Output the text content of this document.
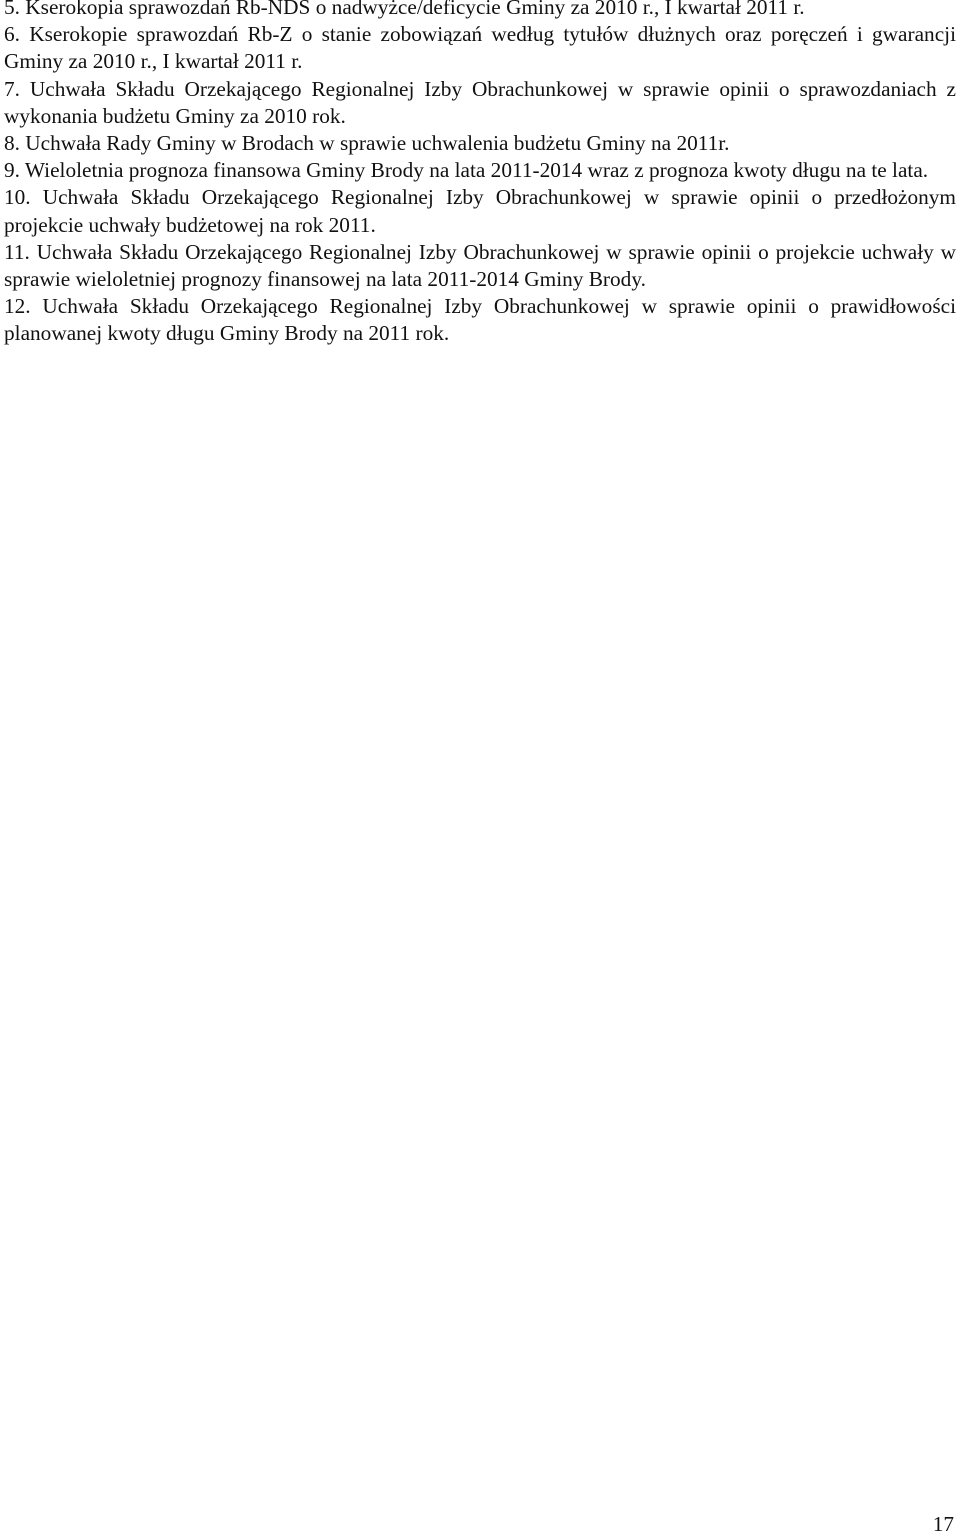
5. Kserokopia sprawozdań Rb-NDS o nadwyżce/deficycie Gminy za 2010 r., I kwartał 2011 r.

6. Kserokopie sprawozdań Rb-Z o stanie zobowiązań według tytułów dłużnych oraz poręczeń i gwarancji Gminy za 2010 r., I kwartał 2011 r.

7. Uchwała Składu Orzekającego Regionalnej Izby Obrachunkowej w sprawie opinii o sprawozdaniach z wykonania budżetu Gminy za 2010 rok.

8. Uchwała Rady Gminy w Brodach w sprawie uchwalenia budżetu Gminy na 2011r.

9. Wieloletnia prognoza finansowa Gminy Brody na lata 2011-2014 wraz z prognoza kwoty długu na te lata.

10. Uchwała Składu Orzekającego Regionalnej Izby Obrachunkowej w sprawie opinii o przedłożonym projekcie uchwały budżetowej na rok 2011.

11. Uchwała Składu Orzekającego Regionalnej Izby Obrachunkowej w sprawie opinii o projekcie uchwały w sprawie wieloletniej prognozy finansowej na lata 2011-2014 Gminy Brody.

12. Uchwała Składu Orzekającego Regionalnej Izby Obrachunkowej w sprawie opinii o prawidłowości planowanej kwoty długu Gminy Brody na 2011 rok.

17
